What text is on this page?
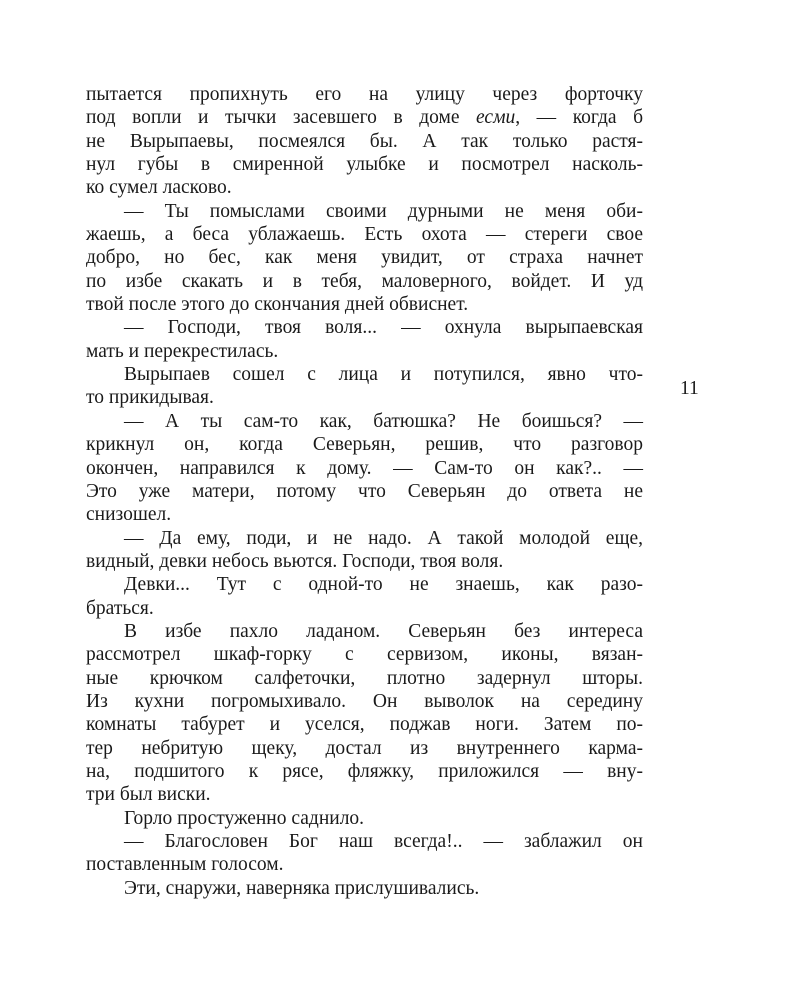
пытается пропихнуть его на улицу через форточку
под вопли и тычки засевшего в доме есми, — когда б
не Вырыпаевы, посмеялся бы. А так только растя-
нул губы в смиренной улыбке и посмотрел насколь-
ко сумел ласково.
— Ты помыслами своими дурными не меня оби-
жаешь, а беса ублажаешь. Есть охота — стереги свое
добро, но бес, как меня увидит, от страха начнет
по избе скакать и в тебя, маловерного, войдет. И уд
твой после этого до скончания дней обвиснет.
— Господи, твоя воля... — охнула вырыпаевская
мать и перекрестилась.
Вырыпаев сошел с лица и потупился, явно что-
то прикидывая.
— А ты сам-то как, батюшка? Не боишься? —
крикнул он, когда Северьян, решив, что разговор
окончен, направился к дому. — Сам-то он как?.. —
Это уже матери, потому что Северьян до ответа не
снизошел.
— Да ему, поди, и не надо. А такой молодой еще,
видный, девки небось вьются. Господи, твоя воля.
Девки... Тут с одной-то не знаешь, как разо-
браться.
В избе пахло ладаном. Северьян без интереса
рассмотрел шкаф-горку с сервизом, иконы, вязан-
ные крючком салфеточки, плотно задернул шторы.
Из кухни погромыхивало. Он выволок на середину
комнаты табурет и уселся, поджав ноги. Затем по-
тер небритую щеку, достал из внутреннего карма-
на, подшитого к рясе, фляжку, приложился — вну-
три был виски.
Горло простуженно саднило.
— Благословен Бог наш всегда!.. — заблажил он
поставленным голосом.
Эти, снаружи, наверняка прислушивались.
11
